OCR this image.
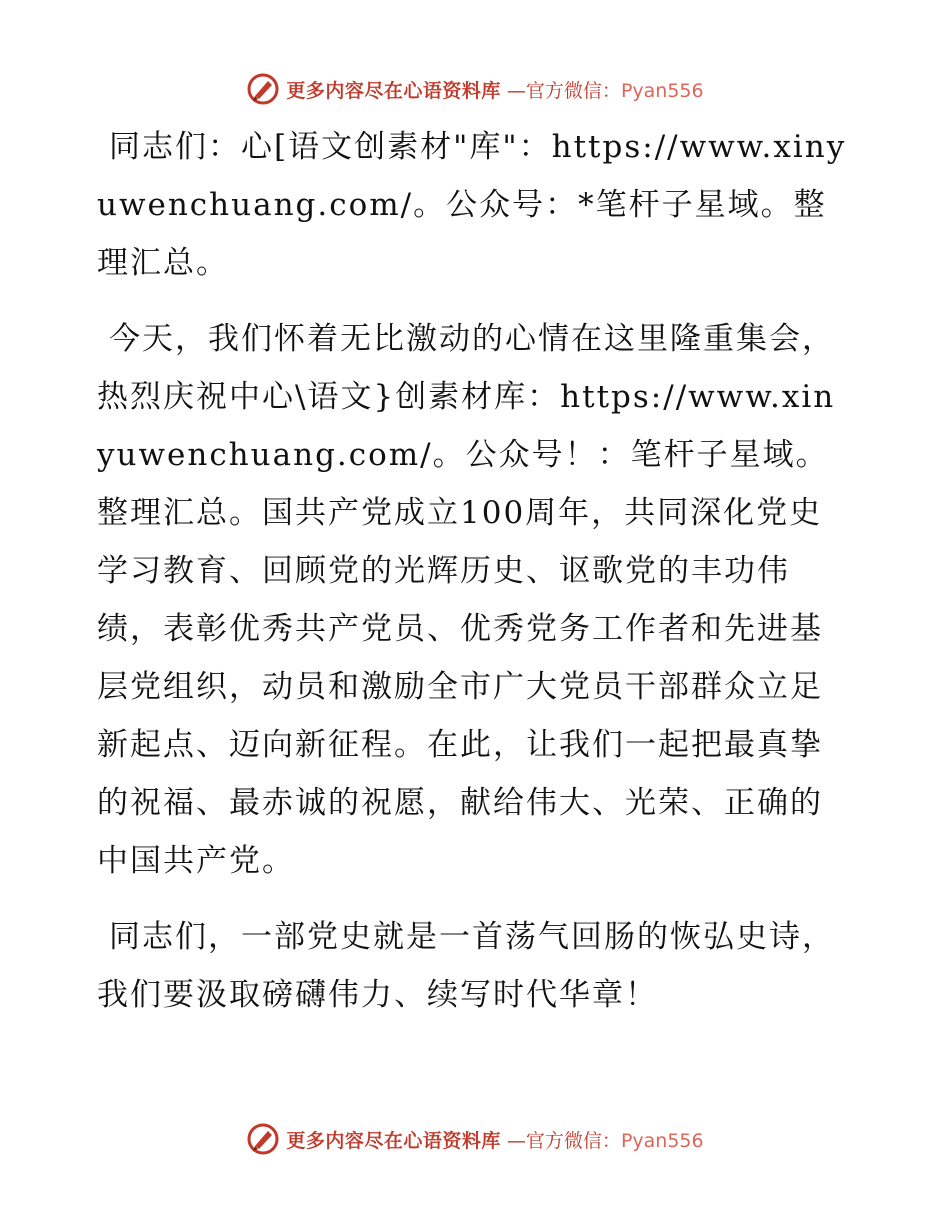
更多内容尽在心语资料库 —官方微信：Pyan556

同志们：心[语文创素材"库"：https://www.xinyuwenchuang.com/。公众号：*笔杆子星域。整理汇总。

今天，我们怀着无比激动的心情在这里隆重集会，热烈庆祝中心\语文}创素材库：https://www.xinyuwenchuang.com/。公众号！：笔杆子星域。整理汇总。国共产党成立100周年，共同深化党史学习教育、回顾党的光辉历史、讴歌党的丰功伟绩，表彰优秀共产党员、优秀党务工作者和先进基层党组织，动员和激励全市广大党员干部群众立足新起点、迈向新征程。在此，让我们一起把最真挚的祝福、最赤诚的祝愿，献给伟大、光荣、正确的中国共产党。

同志们，一部党史就是一首荡气回肠的恢弘史诗，我们要汲取磅礴伟力、续写时代华章！

更多内容尽在心语资料库 —官方微信：Pyan556
